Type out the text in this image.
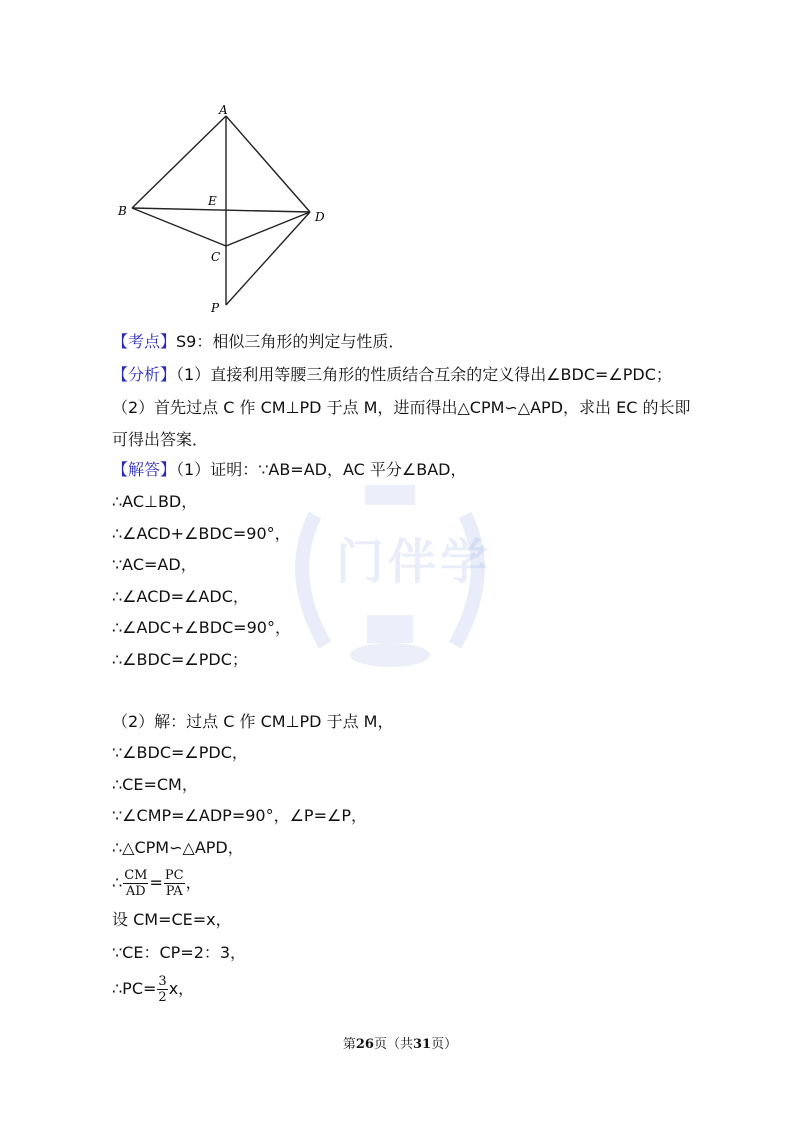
门伴学
A
B
E
D
C
P
【考点】S9：相似三角形的判定与性质．
【分析】（1）直接利用等腰三角形的性质结合互余的定义得出∠BDC=∠PDC；
（2）首先过点 C 作 CM⊥PD 于点 M，进而得出△CPM∽△APD，求出 EC 的长即
可得出答案．
【解答】（1）证明：∵AB=AD，AC 平分∠BAD，
∴AC⊥BD，
∴∠ACD+∠BDC=90°，
∵AC=AD，
∴∠ACD=∠ADC，
∴∠ADC+∠BDC=90°，
∴∠BDC=∠PDC；
（2）解：过点 C 作 CM⊥PD 于点 M，
∵∠BDC=∠PDC，
∴CE=CM，
∵∠CMP=∠ADP=90°，∠P=∠P，
∴△CPM∽△APD，
∴ $\frac{CM}{AD} = \frac{PC}{PA}$ ，
设 CM=CE=x，
∵CE：CP=2：3，
∴PC= $\frac{3}{2}$ x，
第26页（共31页）
